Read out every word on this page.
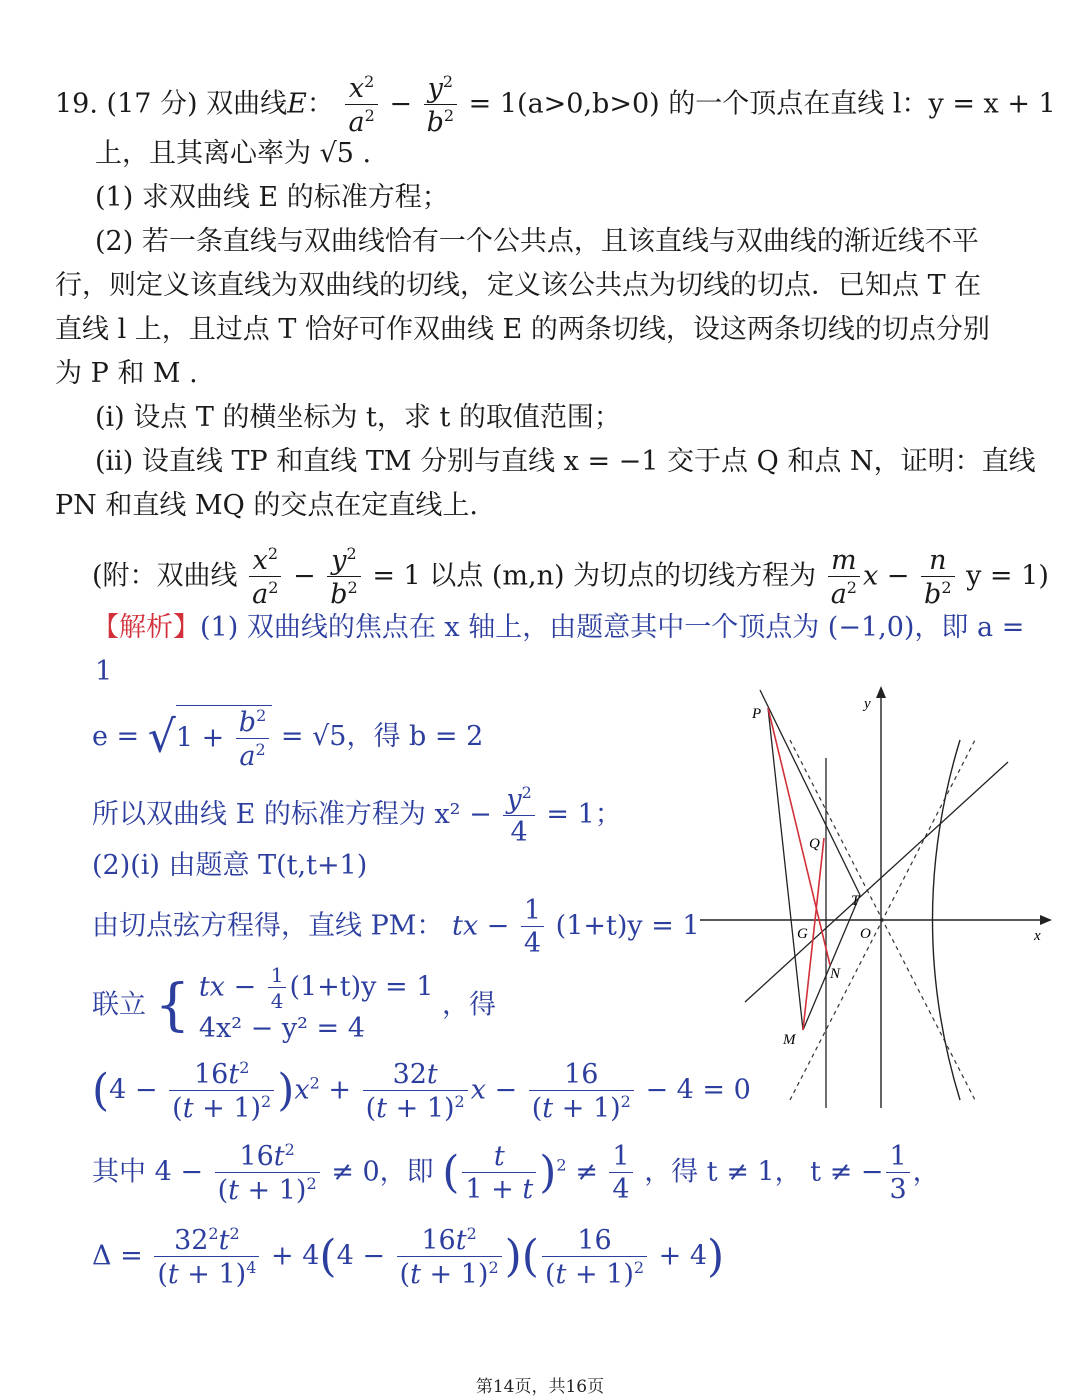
19. (17 分) 双曲线E： $\frac{x^2}{a^2} - \frac{y^2}{b^2} = 1(a>0,b>0)$ 的一个顶点在直线 l：y = x + 1

上，且其离心率为 √5 .

(1) 求双曲线 E 的标准方程；

(2) 若一条直线与双曲线恰有一个公共点，且该直线与双曲线的渐近线不平

行，则定义该直线为双曲线的切线，定义该公共点为切线的切点．已知点 T 在

直线 l 上，且过点 T 恰好可作双曲线 E 的两条切线，设这两条切线的切点分别

为 P 和 M .

(i) 设点 T 的横坐标为 t，求 t 的取值范围；

(ii) 设直线 TP 和直线 TM 分别与直线 x = −1 交于点 Q 和点 N，证明：直线

PN 和直线 MQ 的交点在定直线上.

(附：双曲线 $\frac{x^2}{a^2} - \frac{y^2}{b^2} = 1$ 以点 (m,n) 为切点的切线方程为 $\frac{m}{a^2}$ $x - \frac{n}{b^2}$ y = 1)

【解析】(1) 双曲线的焦点在 x 轴上，由题意其中一个顶点为 (−1,0)，即 a =

1

$e = √1 + \frac{b^2}{a^2} = √5$，得 b = 2
所以双曲线 E 的标准方程为 $x^2 - \frac{y^2}{4} = 1$；

(2)(i) 由题意 T(t,t+1)

由切点弦方程得，直线 PM： tx − $\frac{1}{4} (1+t)y = 1$
联立 { tx − $\frac{1}{4} (1+t)y = 1$
4x² − y² = 4
，得
$(4 - \frac{16t^2}{(t + 1)^2} )x^2 + \frac{32t}{(t + 1)^2}$ $x - \frac{16}{(t + 1)^2} - 4 = 0$
其中 $4 - \frac{16t^2}{(t + 1)^2} \ne 0$，即 ( $\frac{t}{1 + t} )^2 \ne \frac{1}{4}$ ，得 t ≠ 1， t ≠ − $\frac{1}{3}$ ，
$\Delta = \frac{32^2t^2}{(t + 1)^4} + 4(4 - \frac{16t^2}{(t + 1)^2}$ )( $\frac{16}{(t + 1)^2} + 4$)
P
Q
T
G	O
N
M
x
y
第14页，共16页
